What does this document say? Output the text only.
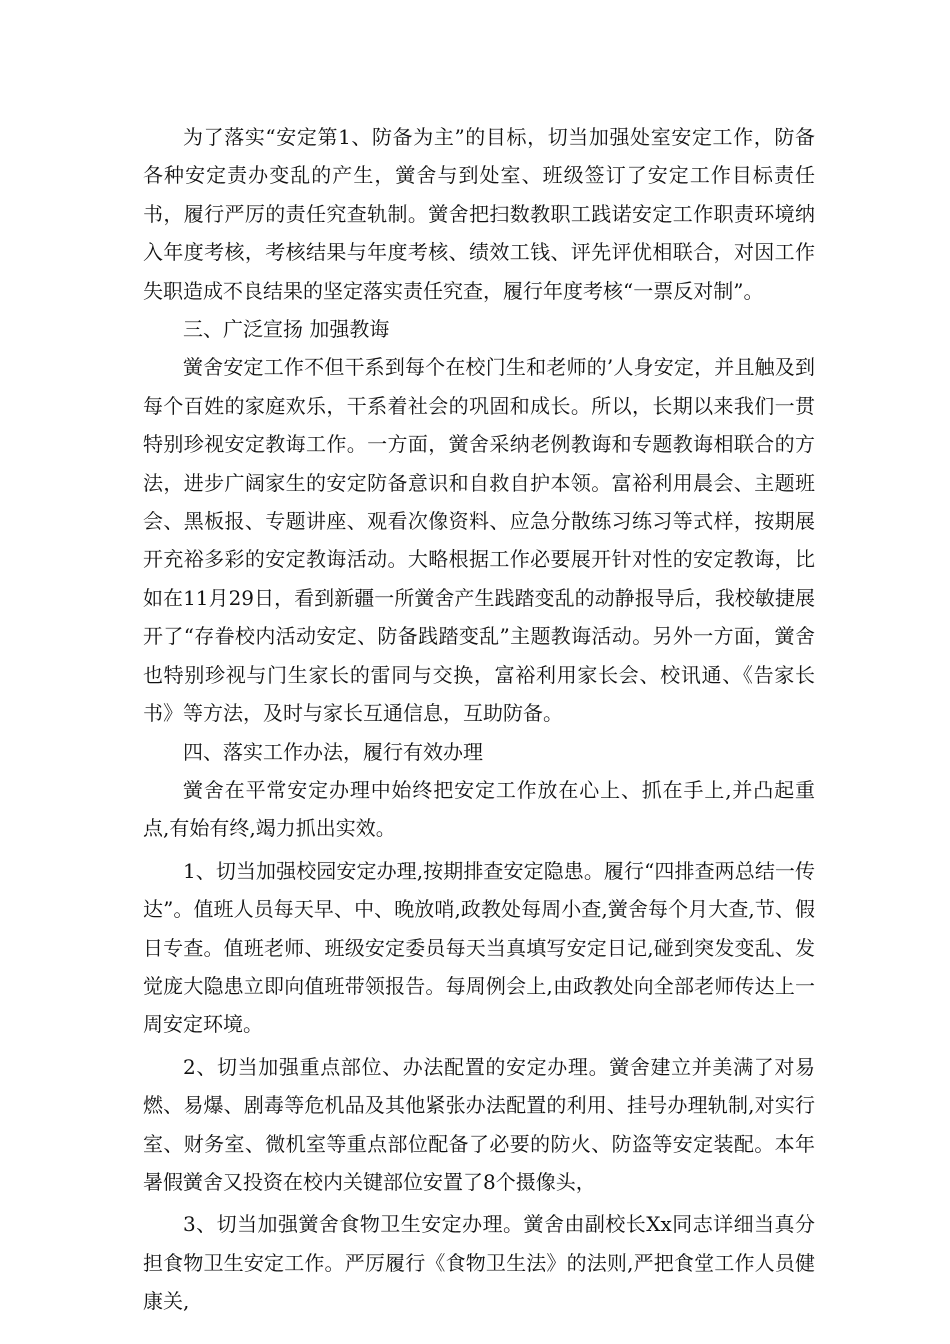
为了落实“安定第1、防备为主”的目标，切当加强处室安定工作，防备各种安定责办变乱的产生，黉舍与到处室、班级签订了安定工作目标责任书，履行严厉的责任究查轨制。黉舍把扫数教职工践诺安定工作职责环境纳入年度考核，考核结果与年度考核、绩效工钱、评先评优相联合，对因工作失职造成不良结果的坚定落实责任究查，履行年度考核“一票反对制”。

三、广泛宣扬 加强教诲

黉舍安定工作不但干系到每个在校门生和老师的’人身安定，并且触及到每个百姓的家庭欢乐，干系着社会的巩固和成长。所以，长期以来我们一贯特别珍视安定教诲工作。一方面，黉舍采纳老例教诲和专题教诲相联合的方法，进步广阔家生的安定防备意识和自救自护本领。富裕利用晨会、主题班会、黑板报、专题讲座、观看次像资料、应急分散练习练习等式样，按期展开充裕多彩的安定教诲活动。大略根据工作必要展开针对性的安定教诲，比如在11月29日，看到新疆一所黉舍产生践踏变乱的动静报导后，我校敏捷展开了“存眷校内活动安定、防备践踏变乱”主题教诲活动。另外一方面，黉舍也特别珍视与门生家长的雷同与交换，富裕利用家长会、校讯通、《告家长书》等方法，及时与家长互通信息，互助防备。

四、落实工作办法，履行有效办理

黉舍在平常安定办理中始终把安定工作放在心上、抓在手上,并凸起重点,有始有终,竭力抓出实效。

1、切当加强校园安定办理,按期排查安定隐患。履行“四排查两总结一传达”。值班人员每天早、中、晚放哨,政教处每周小查,黉舍每个月大查,节、假日专查。值班老师、班级安定委员每天当真填写安定日记,碰到突发变乱、发觉庞大隐患立即向值班带领报告。每周例会上,由政教处向全部老师传达上一周安定环境。

2、切当加强重点部位、办法配置的安定办理。黉舍建立并美满了对易燃、易爆、剧毒等危机品及其他紧张办法配置的利用、挂号办理轨制,对实行室、财务室、微机室等重点部位配备了必要的防火、防盗等安定装配。本年暑假黉舍又投资在校内关键部位安置了8个摄像头，

3、切当加强黉舍食物卫生安定办理。黉舍由副校长Xx同志详细当真分担食物卫生安定工作。严厉履行《食物卫生法》的法则,严把食堂工作人员健康关,
